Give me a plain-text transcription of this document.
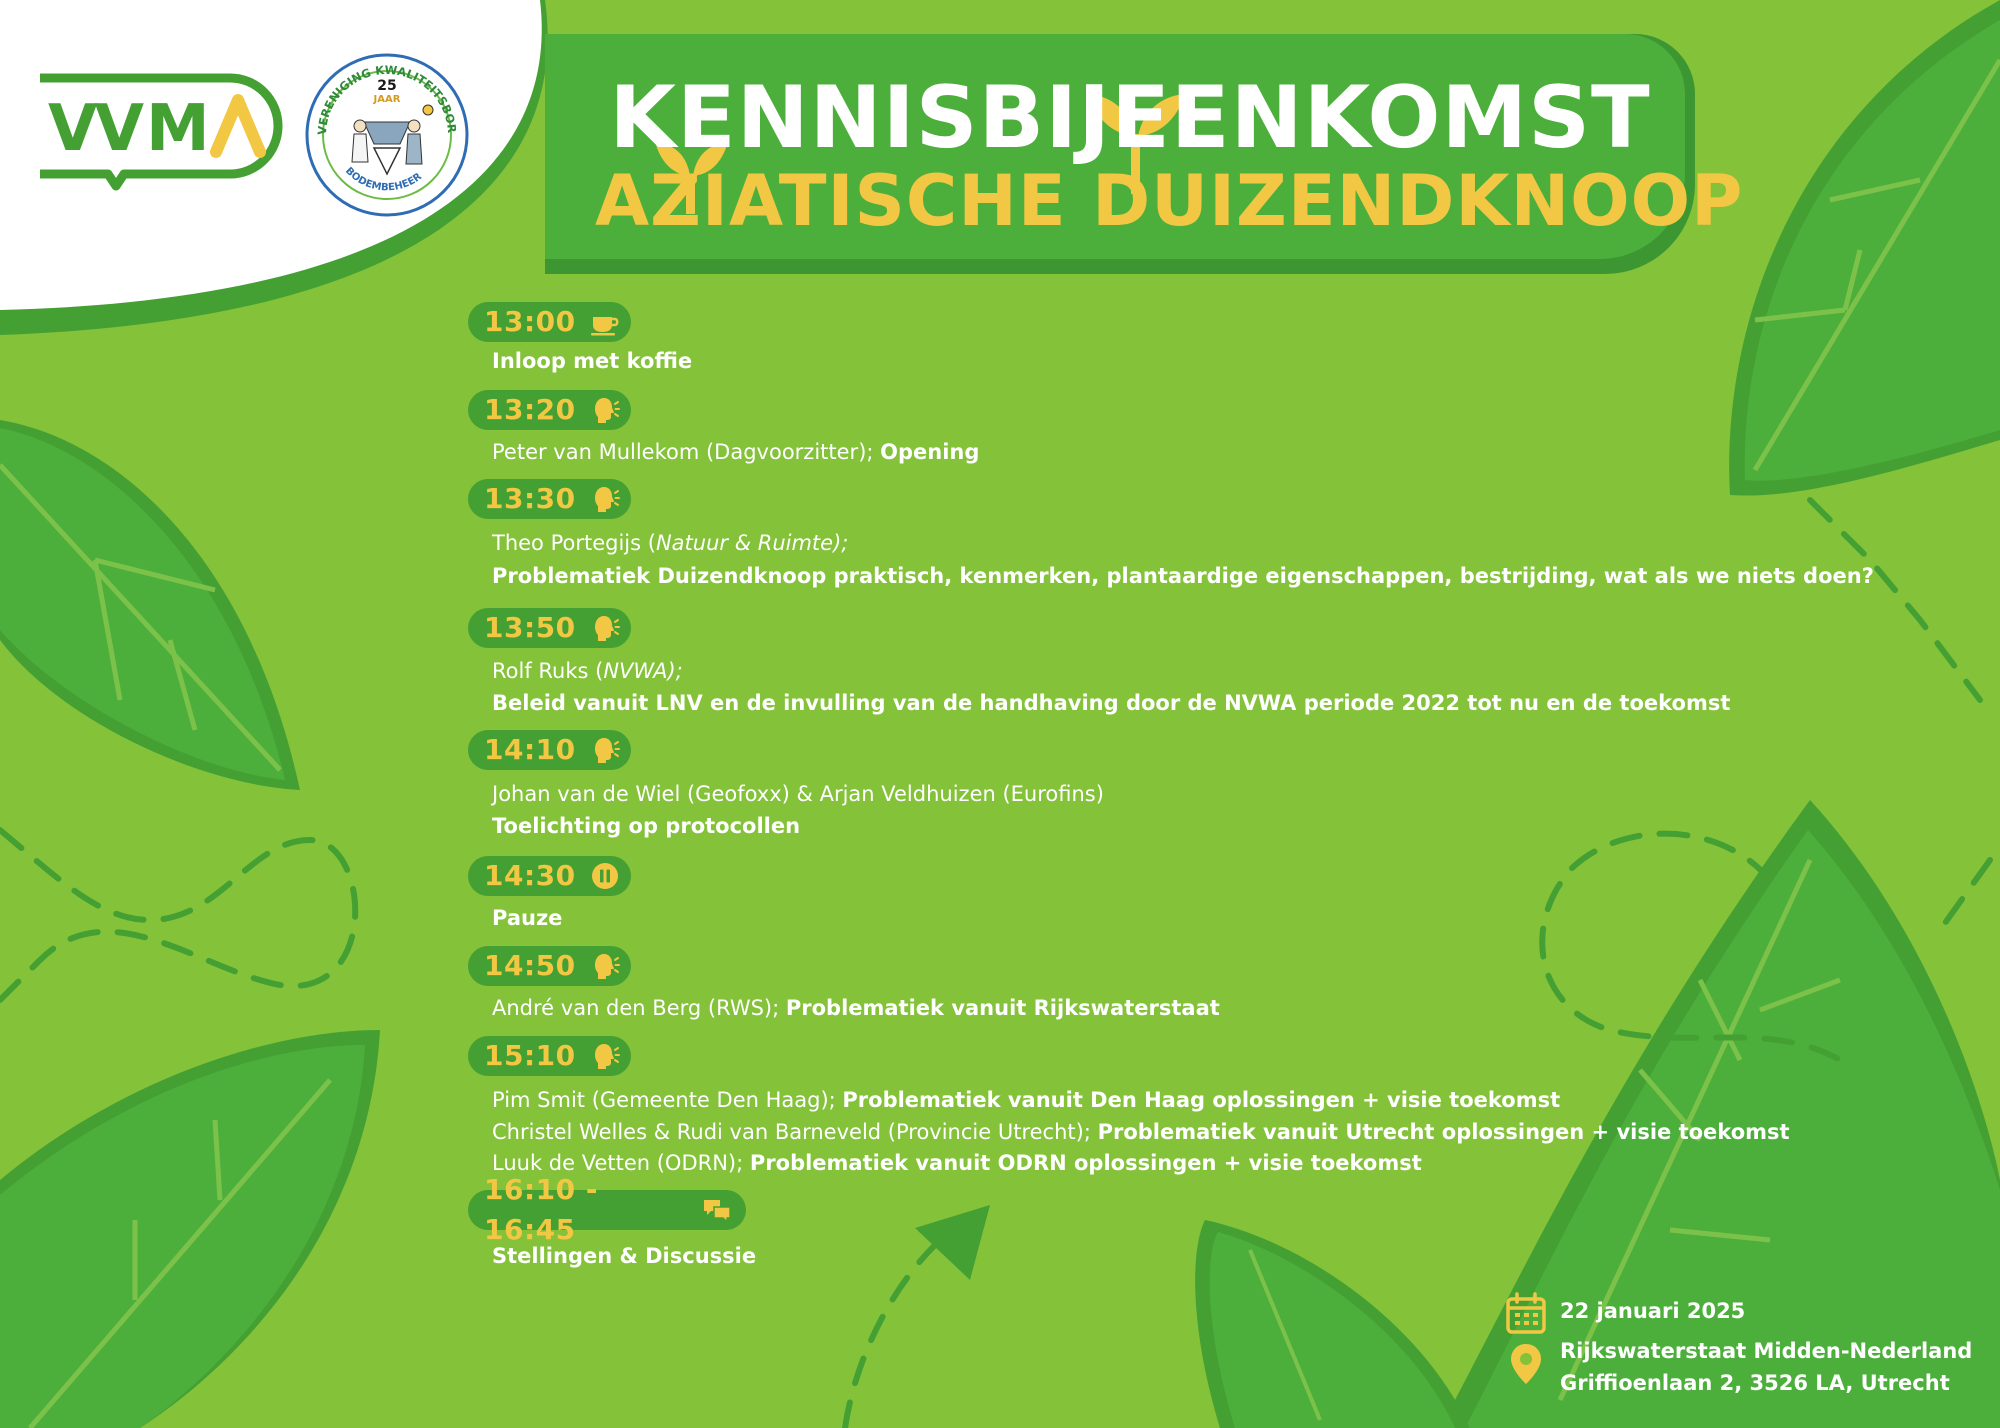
VV M	VERENIGING KWALITEITSBOR
BODEMBEHEER
25
JAAR KENNISBIJEENKOMST
AZIATISCHE DUIZENDKNOOP
13:00
Inloop met koffie
13:20
Peter van Mullekom (Dagvoorzitter); Opening
13:30
Theo Portegijs (Natuur & Ruimte);
Problematiek Duizendknoop praktisch, kenmerken, plantaardige eigenschappen, bestrijding, wat als we niets doen?
13:50
Rolf Ruks (NVWA);
Beleid vanuit LNV en de invulling van de handhaving door de NVWA periode 2022 tot nu en de toekomst
14:10
Johan van de Wiel (Geofoxx) & Arjan Veldhuizen (Eurofins)
Toelichting op protocollen
14:30
Pauze
14:50
André van den Berg (RWS); Problematiek vanuit Rijkswaterstaat
15:10
Pim Smit (Gemeente Den Haag); Problematiek vanuit Den Haag oplossingen + visie toekomst
Christel Welles & Rudi van Barneveld (Provincie Utrecht); Problematiek vanuit Utrecht oplossingen + visie toekomst
Luuk de Vetten (ODRN); Problematiek vanuit ODRN oplossingen + visie toekomst
16:10 - 16:45
Stellingen & Discussie
22 januari 2025
Rijkswaterstaat Midden-Nederland
Griffioenlaan 2, 3526 LA, Utrecht
